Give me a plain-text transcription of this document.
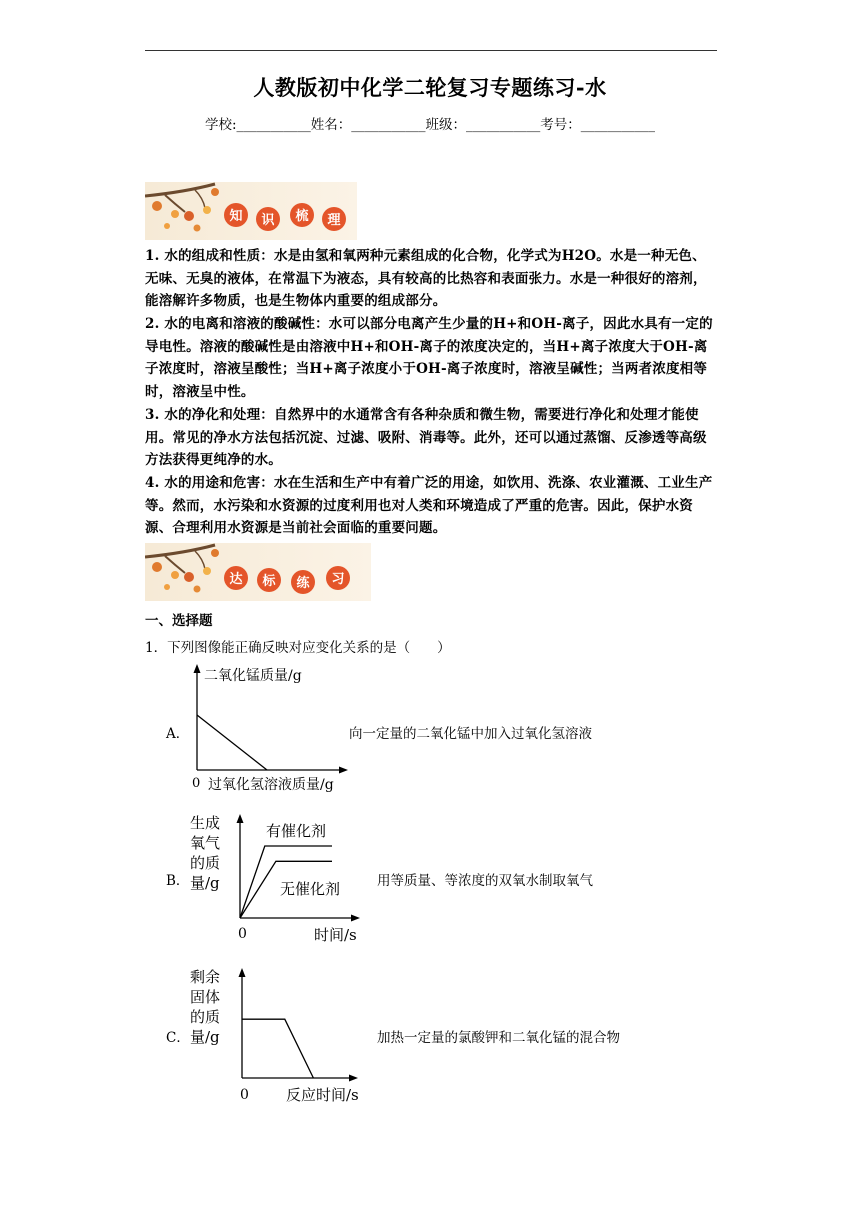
人教版初中化学二轮复习专题练习-水
学校:___________姓名：___________班级：___________考号：___________
知 识 梳 理
1. 水的组成和性质：水是由氢和氧两种元素组成的化合物，化学式为H2O。水是一种无色、无味、无臭的液体，在常温下为液态，具有较高的比热容和表面张力。水是一种很好的溶剂，能溶解许多物质，也是生物体内重要的组成部分。
2. 水的电离和溶液的酸碱性：水可以部分电离产生少量的H+和OH-离子，因此水具有一定的导电性。溶液的酸碱性是由溶液中H+和OH-离子的浓度决定的，当H+离子浓度大于OH-离子浓度时，溶液呈酸性；当H+离子浓度小于OH-离子浓度时，溶液呈碱性；当两者浓度相等时，溶液呈中性。
3. 水的净化和处理：自然界中的水通常含有各种杂质和微生物，需要进行净化和处理才能使用。常见的净水方法包括沉淀、过滤、吸附、消毒等。此外，还可以通过蒸馏、反渗透等高级方法获得更纯净的水。
4. 水的用途和危害：水在生活和生产中有着广泛的用途，如饮用、洗涤、农业灌溉、工业生产等。然而，水污染和水资源的过度利用也对人类和环境造成了严重的危害。因此，保护水资源、合理利用水资源是当前社会面临的重要问题。
达 标 练 习
一、选择题
1．下列图像能正确反映对应变化关系的是（　　）
A．
二氧化锰质量/g
过氧化氢溶液质量/g
0
向一定量的二氧化锰中加入过氧化氢溶液
B．
生成
氧气
的质
量/g
0	时间/s
有催化剂
无催化剂	用等质量、等浓度的双氧水制取氧气
C．
剩余
固体
的质
量/g
0 反应时间/s
加热一定量的氯酸钾和二氧化锰的混合物
